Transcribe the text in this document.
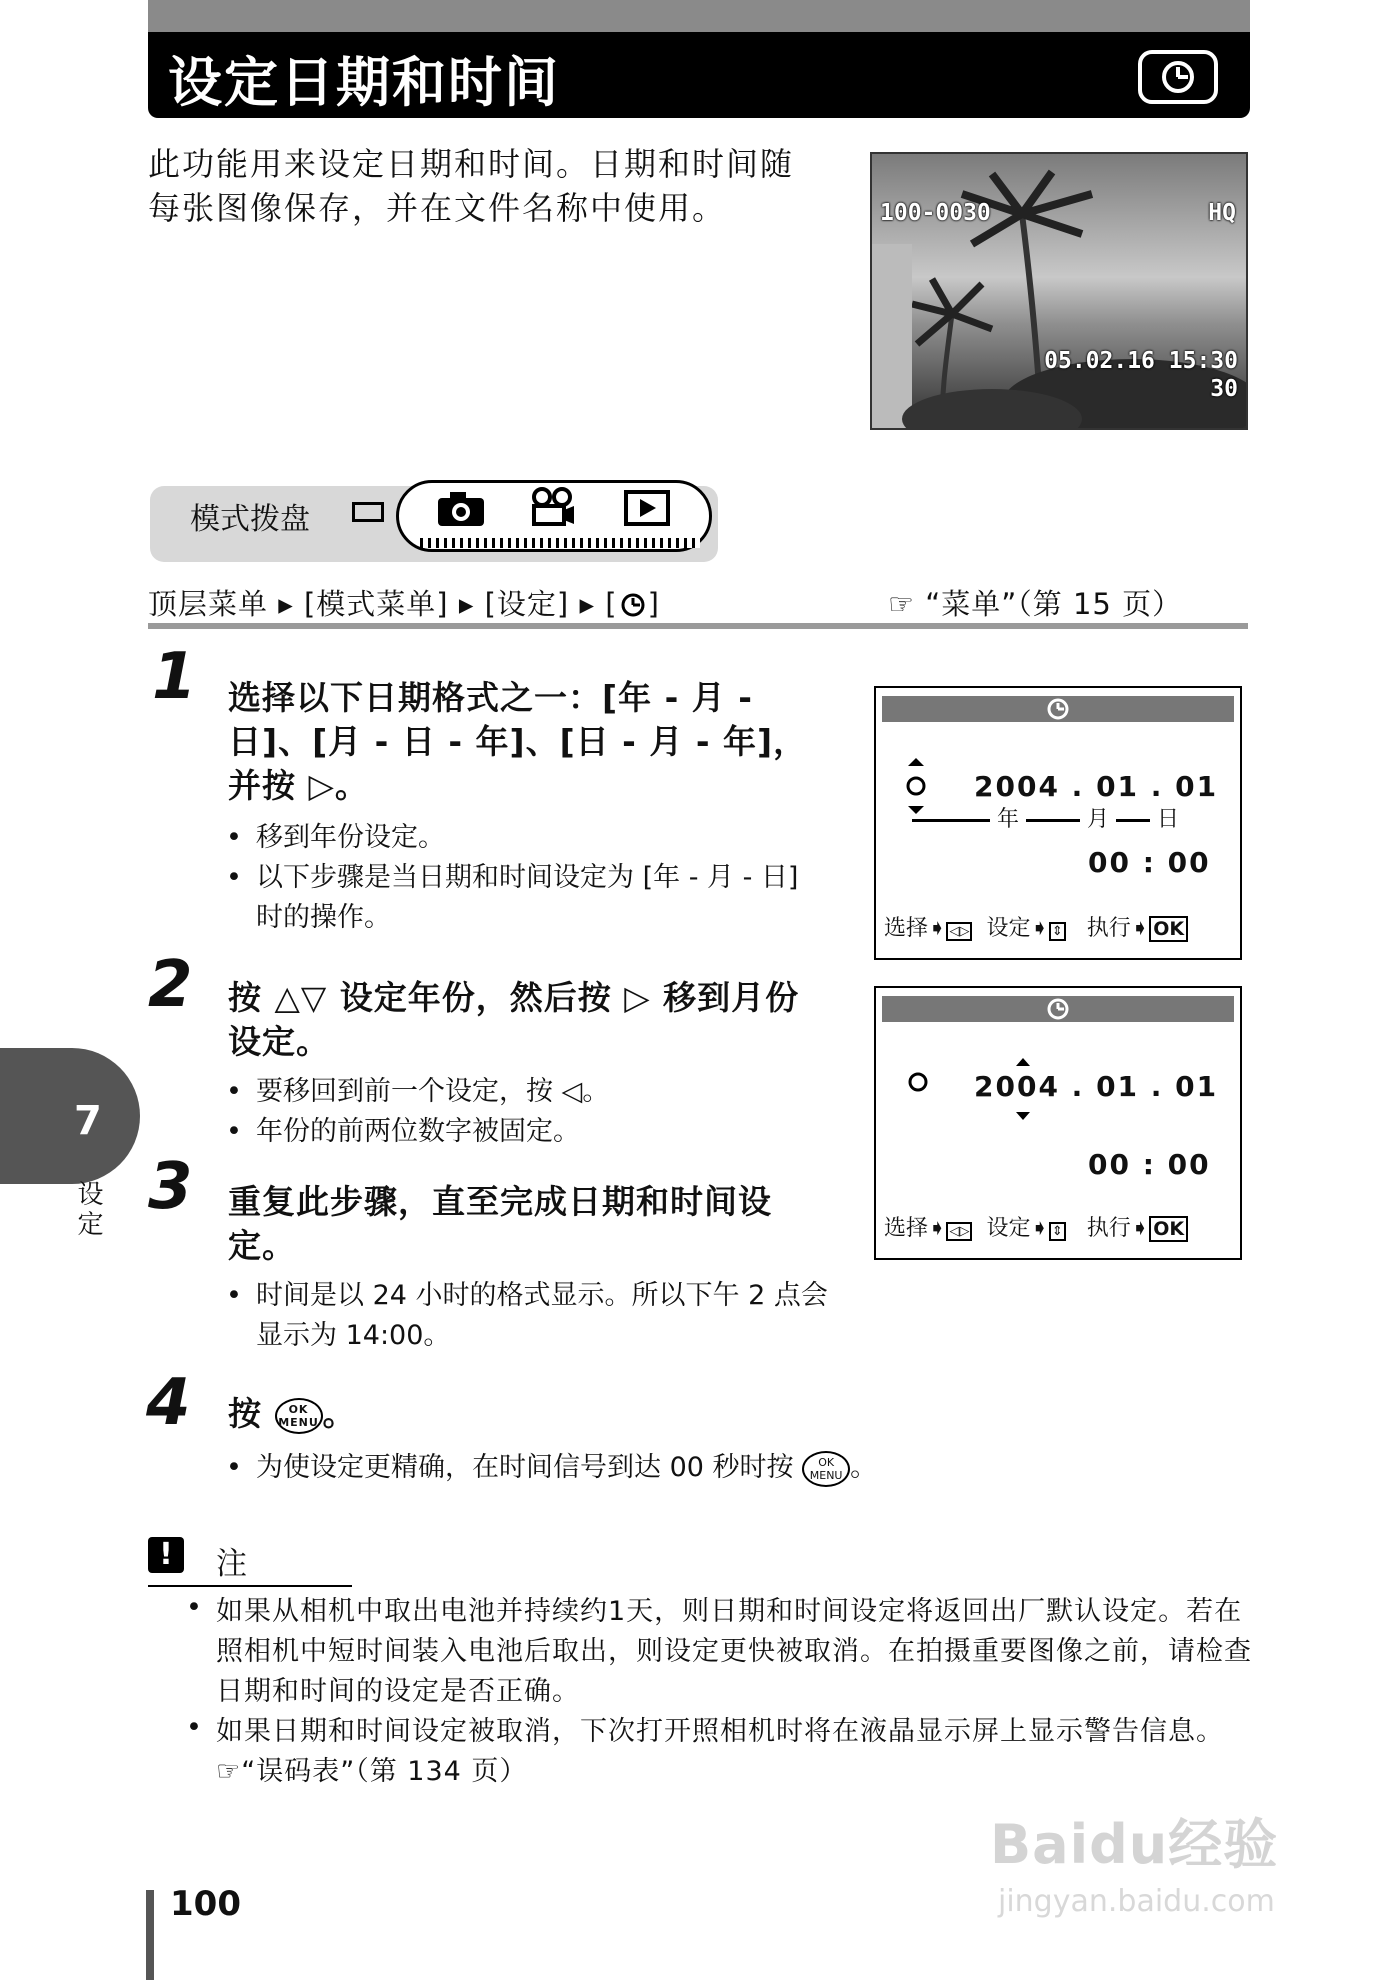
设定日期和时间
此功能用来设定日期和时间。日期和时间随每张图像保存，并在文件名称中使用。	100-0030	HQ
05.02.16 15:30
30
模式拨盘
顶层菜单 ▸ [模式菜单] ▸ [设定] ▸ [ ]	☞ “菜单”（第 15 页）
1 选择以下日期格式之一：[年 - 月 - 日]、[月 - 日 - 年]、[日 - 月 - 年]，并按 ▷。
• 移到年份设定。
• 以下步骤是当日期和时间设定为 [年 - 月 - 日] 时的操作。
2 按 △▽ 设定年份，然后按 ▷ 移到月份设定。
• 要移回到前一个设定，按 ◁。
• 年份的前两位数字被固定。
3 重复此步骤，直至完成日期和时间设定。
• 时间是以 24 小时的格式显示。所以下午 2 点会显示为 14:00。
4 按 OK
MENU 。
• 为使设定更精确，在时间信号到达 00 秒时按 OK
MENU 。
2004 . 01 . 01
年	月 日
00 : 00
选择➧ ◁▷ 设定➧ ⇕ 执行➧ OK
2004 . 01 . 01
00 : 00
选择➧ ◁▷ 设定➧ ⇕ 执行➧ OK
7
设定
!	注
• 如果从相机中取出电池并持续约1天，则日期和时间设定将返回出厂默认设定。若在照相机中短时间装入电池后取出，则设定更快被取消。在拍摄重要图像之前，请检查日期和时间的设定是否正确。
• 如果日期和时间设定被取消，下次打开照相机时将在液晶显示屏上显示警告信息。☞“误码表”（第 134 页）
100
Baidu经验
jingyan.baidu.com
